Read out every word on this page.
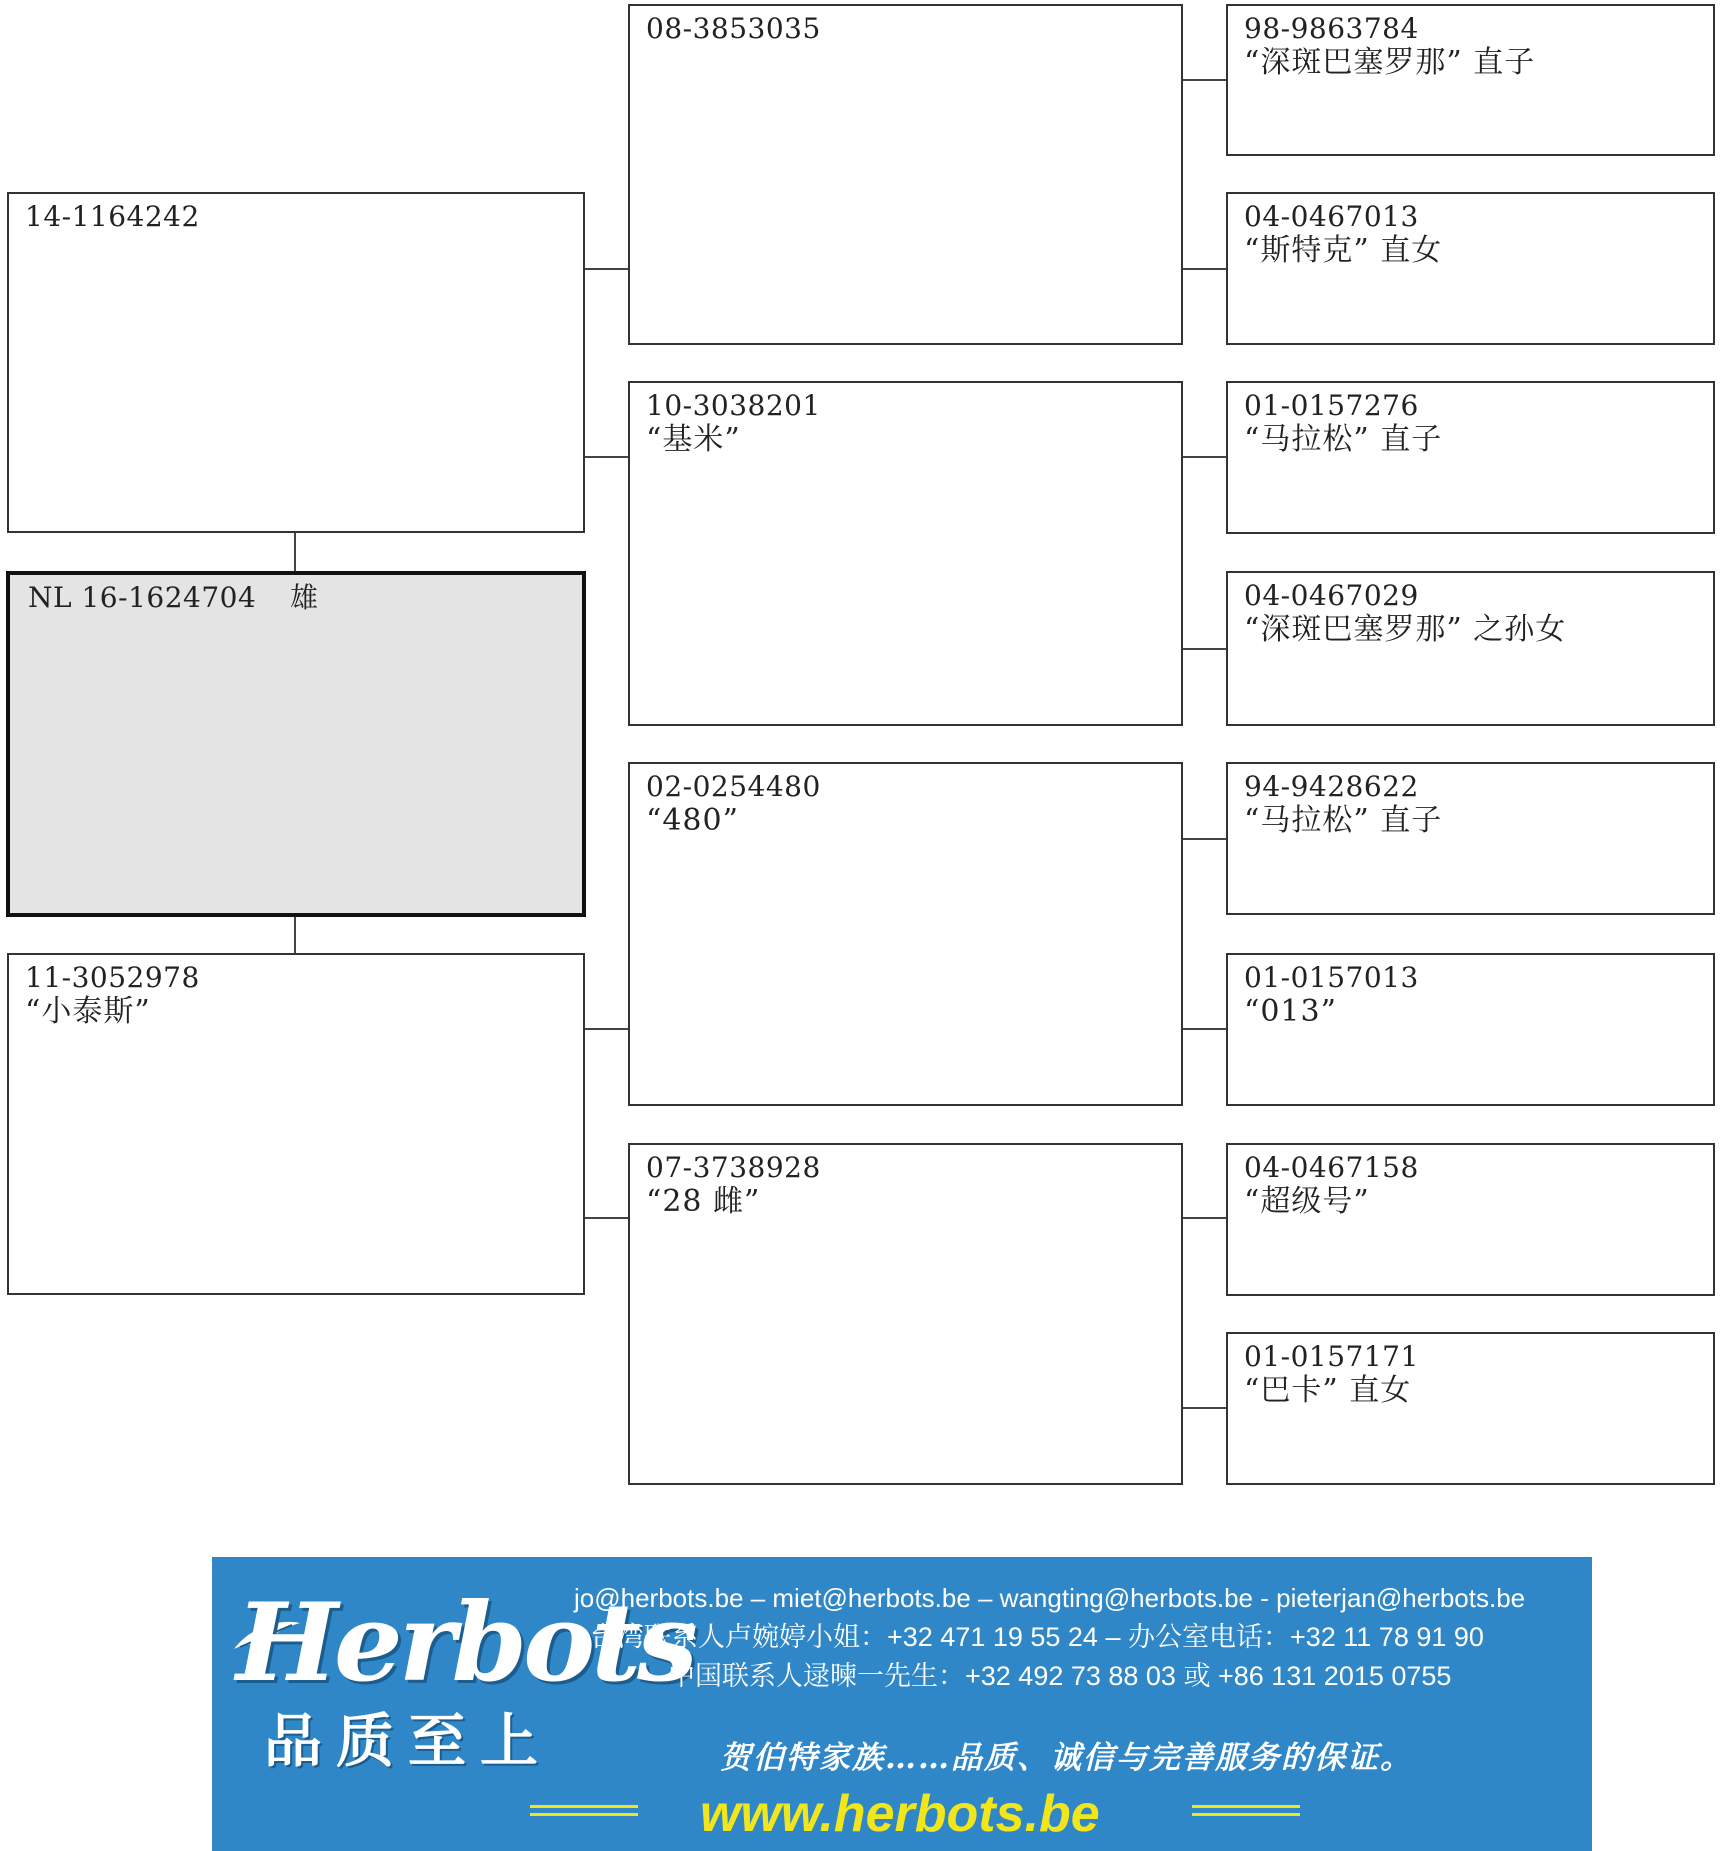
14-1164242
NL 16-1624704 雄
11-3052978
“小泰斯”
08-3853035
10-3038201
“基米”
02-0254480
“480”
07-3738928
“28 雌”
98-9863784
“深斑巴塞罗那” 直子
04-0467013
“斯特克” 直女
01-0157276
“马拉松” 直子
04-0467029
“深斑巴塞罗那” 之孙女
94-9428622
“马拉松” 直子
01-0157013
“013”
04-0467158
“超级号”
01-0157171
“巴卡” 直女
Herbots
品质至上
jo@herbots.be – miet@herbots.be – wangting@herbots.be - pieterjan@herbots.be
台湾联系人卢婉婷小姐：+32 471 19 55 24 – 办公室电话：+32 11 78 91 90
中国联系人逯暕一先生：+32 492 73 88 03 或 +86 131 2015 0755
贺伯特家族……品质、诚信与完善服务的保证。
www.herbots.be
